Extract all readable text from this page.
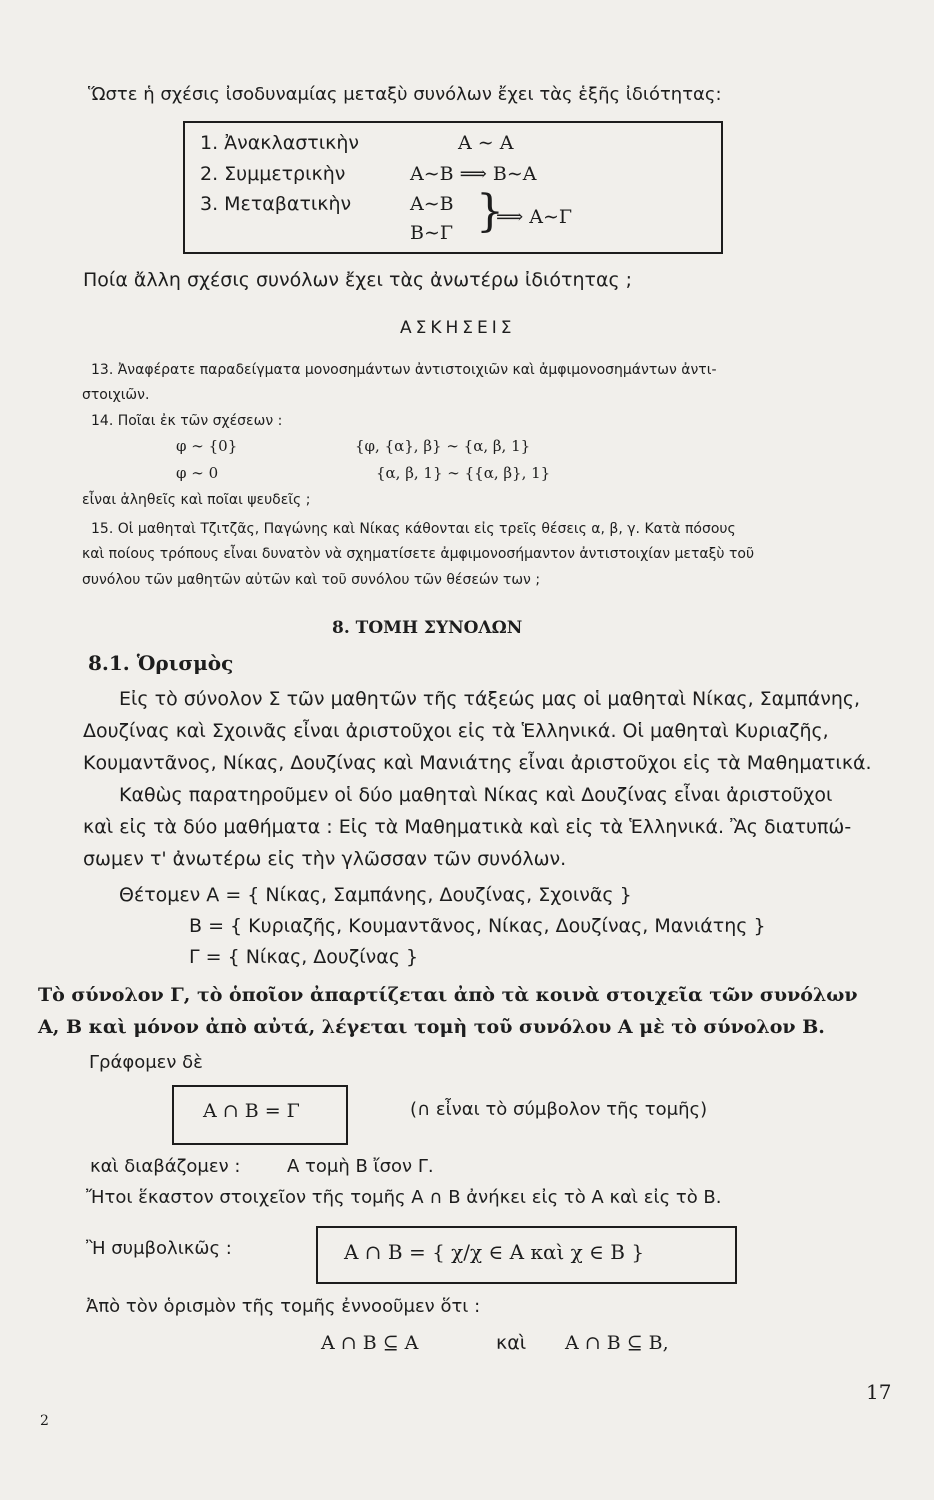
Ὥστε ἡ σχέσις ἰσοδυναμίας μεταξὺ συνόλων ἔχει τὰς ἑξῆς ἰδιότητας:
1. Ἀνακλαστικὴν	Α ∼ Α
2. Συμμετρικὴν	Α∼Β ⟹ Β∼Α
3. Μεταβατικὴν	Α∼Β
Β∼Γ }
⟹ Α∼Γ
Ποία ἄλλη σχέσις συνόλων ἔχει τὰς ἀνωτέρω ἰδιότητας ;
ΑΣΚΗΣΕΙΣ
13. Ἀναφέρατε παραδείγματα μονοσημάντων ἀντιστοιχιῶν καὶ ἀμφιμονοσημάντων ἀντι-
στοιχιῶν.
14. Ποῖαι ἐκ τῶν σχέσεων :
φ ∼ {0}	{φ, {α}, β} ∼ {α, β, 1}
φ ∼ 0	{α, β, 1} ∼ {{α, β}, 1}
εἶναι ἀληθεῖς καὶ ποῖαι ψευδεῖς ;
15. Οἱ μαθηταὶ Τζιτζᾶς, Παγώνης καὶ Νίκας κάθονται εἰς τρεῖς θέσεις α, β, γ. Κατὰ πόσους
καὶ ποίους τρόπους εἶναι δυνατὸν νὰ σχηματίσετε ἀμφιμονοσήμαντον ἀντιστοιχίαν μεταξὺ τοῦ
συνόλου τῶν μαθητῶν αὐτῶν καὶ τοῦ συνόλου τῶν θέσεών των ;
8. ΤΟΜΗ ΣΥΝΟΛΩΝ
8.1. Ὁρισμὸς
Εἰς τὸ σύνολον Σ τῶν μαθητῶν τῆς τάξεώς μας οἱ μαθηταὶ Νίκας, Σαμπάνης,
Δουζίνας καὶ Σχοινᾶς εἶναι ἀριστοῦχοι εἰς τὰ Ἑλληνικά. Οἱ μαθηταὶ Κυριαζῆς,
Κουμαντᾶνος, Νίκας, Δουζίνας καὶ Μανιάτης εἶναι ἀριστοῦχοι εἰς τὰ Μαθηματικά.
Καθὼς παρατηροῦμεν οἱ δύο μαθηταὶ Νίκας καὶ Δουζίνας εἶναι ἀριστοῦχοι
καὶ εἰς τὰ δύο μαθήματα : Εἰς τὰ Μαθηματικὰ καὶ εἰς τὰ Ἑλληνικά. Ἂς διατυπώ-
σωμεν τ' ἀνωτέρω εἰς τὴν γλῶσσαν τῶν συνόλων.
Θέτομεν Α = { Νίκας, Σαμπάνης, Δουζίνας, Σχοινᾶς }
Β = { Κυριαζῆς, Κουμαντᾶνος, Νίκας, Δουζίνας, Μανιάτης }
Γ = { Νίκας, Δουζίνας }
Τὸ σύνολον Γ, τὸ ὁποῖον ἀπαρτίζεται ἀπὸ τὰ κοινὰ στοιχεῖα τῶν συνόλων
Α, Β καὶ μόνον ἀπὸ αὐτά, λέγεται τομὴ τοῦ συνόλου Α μὲ τὸ σύνολον Β.
Γράφομεν δὲ
Α ∩ Β = Γ	(∩ εἶναι τὸ σύμβολον τῆς τομῆς)
καὶ διαβάζομεν :	Α τομὴ Β ἴσον Γ.
Ἤτοι ἕκαστον στοιχεῖον τῆς τομῆς Α ∩ Β ἀνήκει εἰς τὸ Α καὶ εἰς τὸ Β.
Ἢ συμβολικῶς :	Α ∩ Β = { χ/χ ∈ Α καὶ χ ∈ Β }
Ἀπὸ τὸν ὁρισμὸν τῆς τομῆς ἐννοοῦμεν ὅτι :
Α ∩ Β ⊆ Α	καὶ Α ∩ Β ⊆ Β,
17
2
